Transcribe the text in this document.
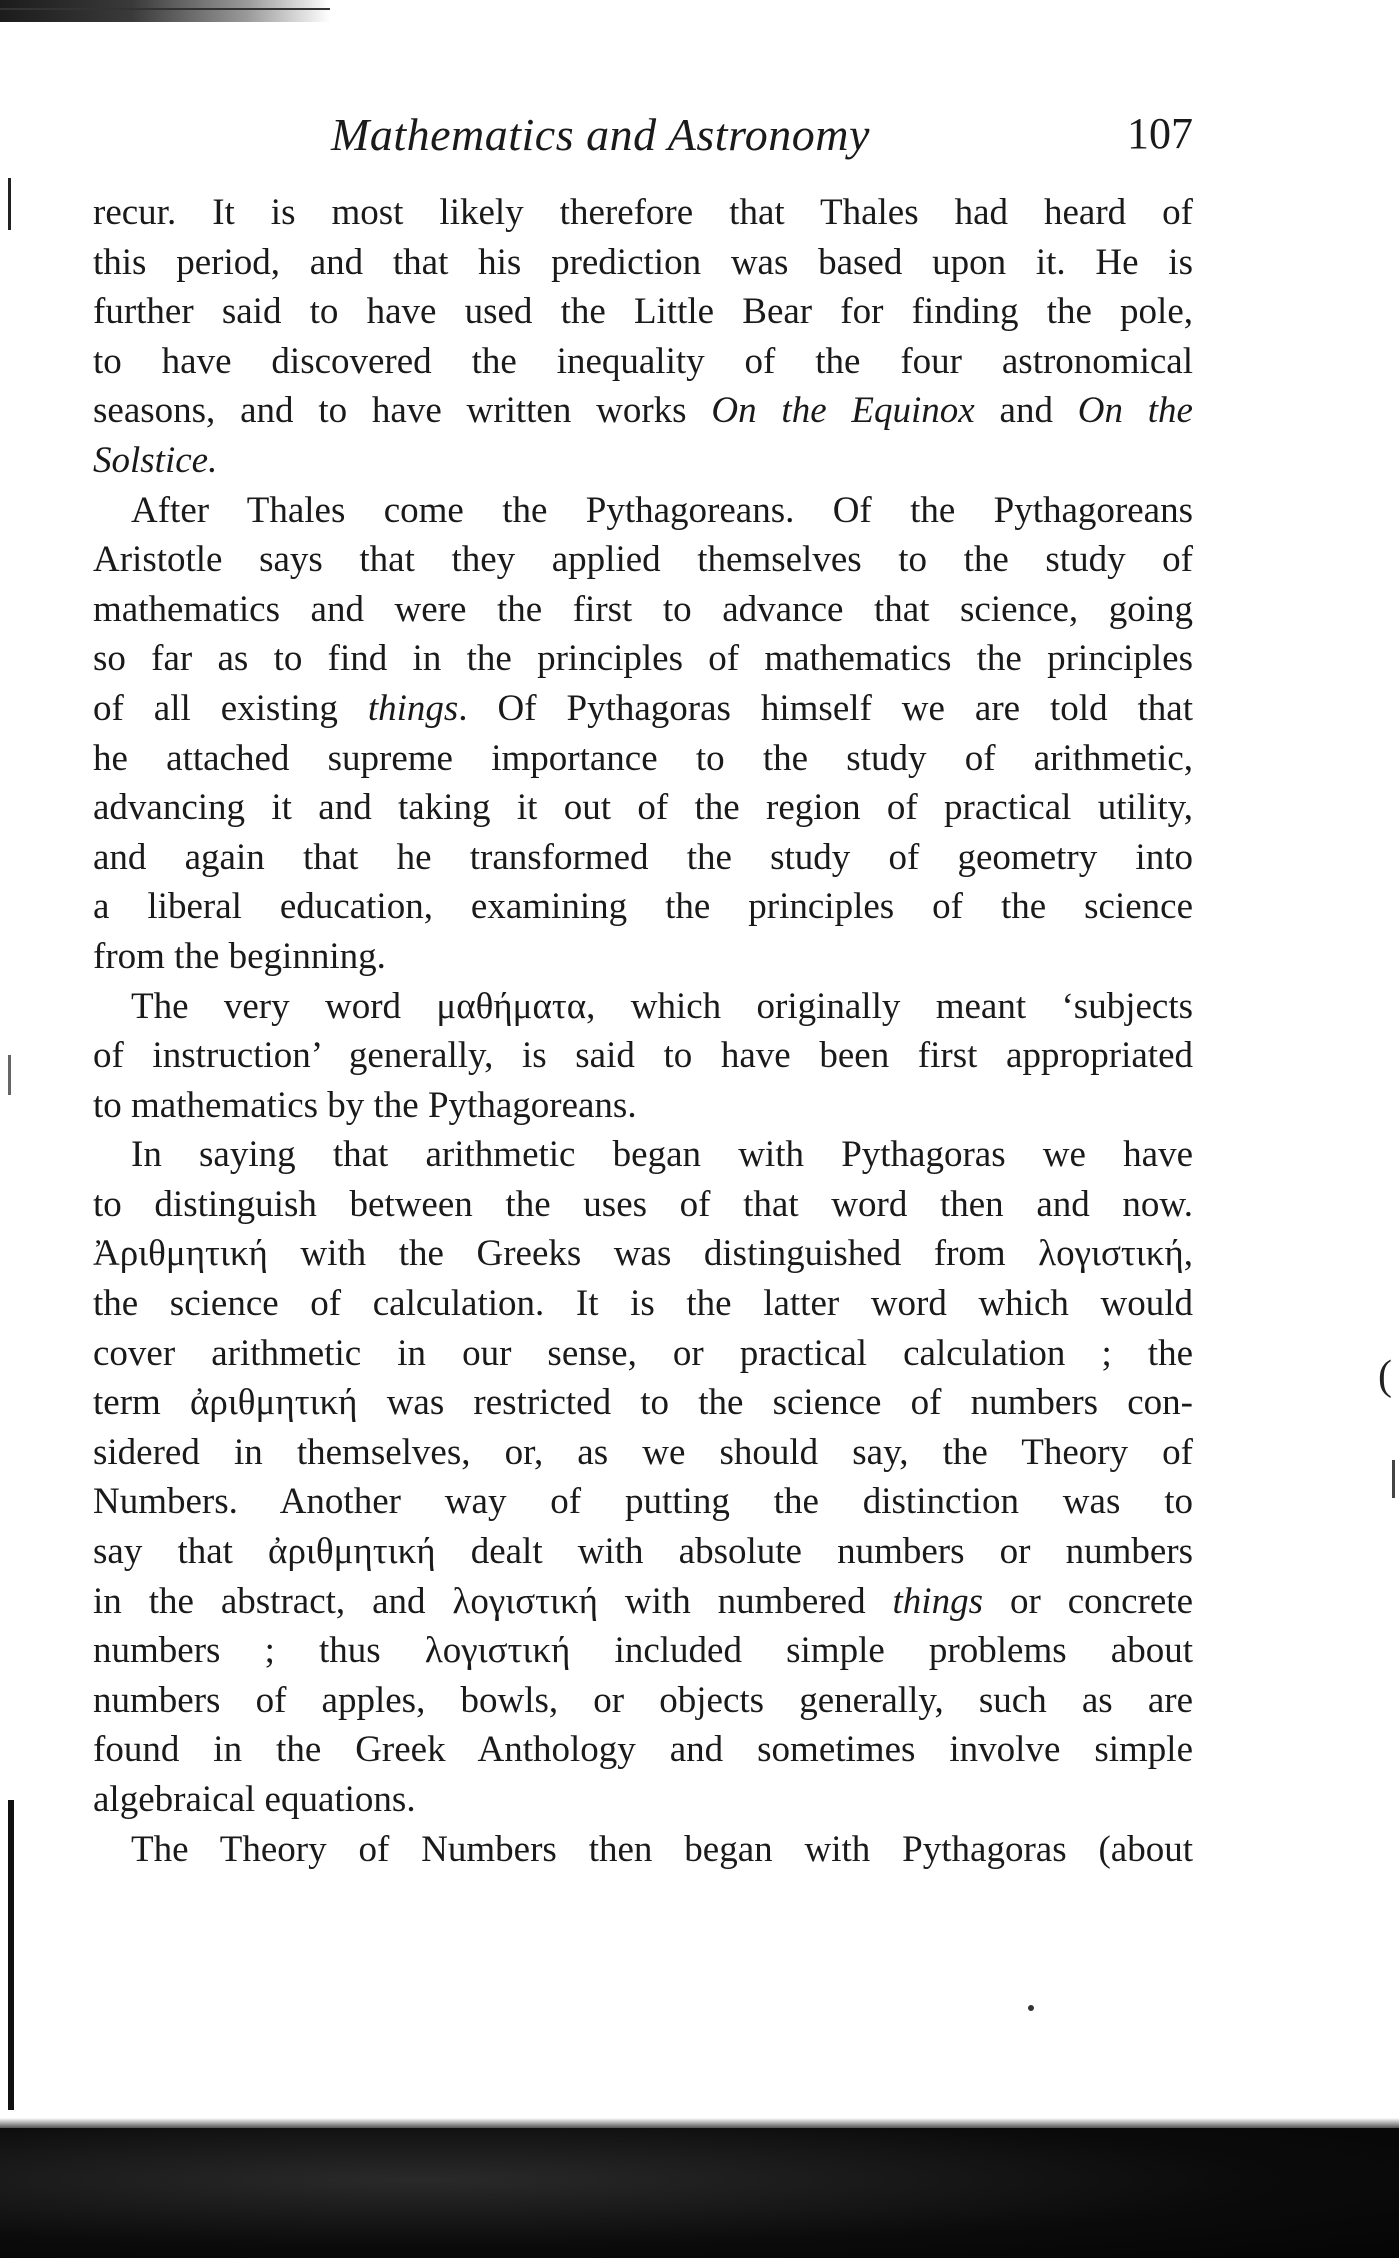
(
Mathematics and Astronomy	107
recur. It is most likely therefore that Thales had heard of
this period, and that his prediction was based upon it. He is
further said to have used the Little Bear for finding the pole,
to have discovered the inequality of the four astronomical
seasons, and to have written works On the Equinox and On the
Solstice.
After Thales come the Pythagoreans. Of the Pythagoreans
Aristotle says that they applied themselves to the study of
mathematics and were the first to advance that science, going
so far as to find in the principles of mathematics the principles
of all existing things. Of Pythagoras himself we are told that
he attached supreme importance to the study of arithmetic,
advancing it and taking it out of the region of practical utility,
and again that he transformed the study of geometry into
a liberal education, examining the principles of the science
from the beginning.
The very word μαθήματα, which originally meant ‘subjects
of instruction’ generally, is said to have been first appropriated
to mathematics by the Pythagoreans.
In saying that arithmetic began with Pythagoras we have
to distinguish between the uses of that word then and now.
Ἀριθμητική with the Greeks was distinguished from λογιστική,
the science of calculation. It is the latter word which would
cover arithmetic in our sense, or practical calculation ; the
term ἀριθμητική was restricted to the science of numbers con-
sidered in themselves, or, as we should say, the Theory of
Numbers. Another way of putting the distinction was to
say that ἀριθμητική dealt with absolute numbers or numbers
in the abstract, and λογιστική with numbered things or concrete
numbers ; thus λογιστική included simple problems about
numbers of apples, bowls, or objects generally, such as are
found in the Greek Anthology and sometimes involve simple
algebraical equations.
The Theory of Numbers then began with Pythagoras (about
